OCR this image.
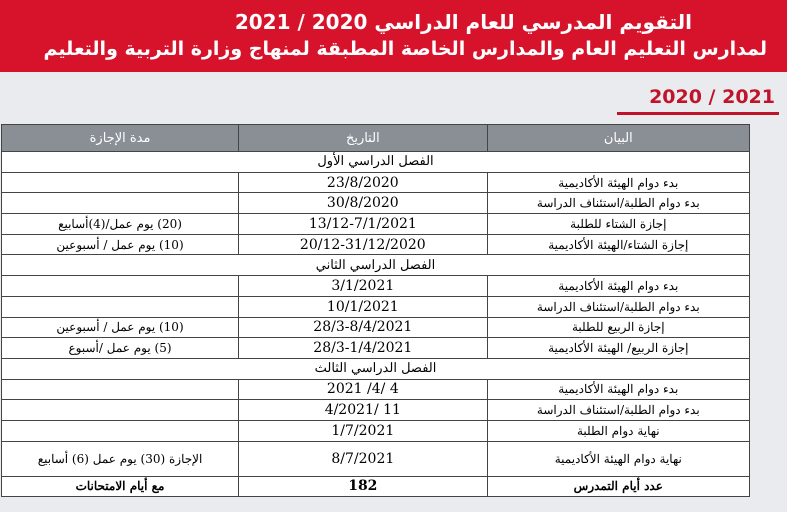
التقويم المدرسي للعام الدراسي 2020 / 2021
لمدارس التعليم العام والمدارس الخاصة المطبقة لمنهاج وزارة التربية والتعليم
2020 / 2021
البيان	التاريخ	مدة الإجازة
الفصل الدراسي الأول		
بدء دوام الهيئة الأكاديمية	23/8/2020	
بدء دوام الطلبة/استئناف الدراسة	30/8/2020	
إجازة الشتاء للطلبة	13/12-7/1/2021	(20) يوم عمل/(4)أسابيع
إجازة الشتاء/الهيئة الأكاديمية	20/12-31/12/2020	(10) يوم عمل / أسبوعين
الفصل الدراسي الثاني		
بدء دوام الهيئة الأكاديمية	3/1/2021	
بدء دوام الطلبة/استئناف الدراسة	10/1/2021	
إجازة الربيع للطلبة	28/3-8/4/2021	(10) يوم عمل / أسبوعين
إجازة الربيع/ الهيئة الأكاديمية	28/3-1/4/2021	(5) يوم عمل /أسبوع
الفصل الدراسي الثالث		
بدء دوام الهيئة الأكاديمية	4 /4/ 2021	
بدء دوام الطلبة/استئناف الدراسة	11 /4/2021	
نهاية دوام الطلبة	1/7/2021	
نهاية دوام الهيئة الأكاديمية	8/7/2021	الإجازة (30) يوم عمل (6) أسابيع
عدد أيام التمدرس	182	مع أيام الامتحانات
